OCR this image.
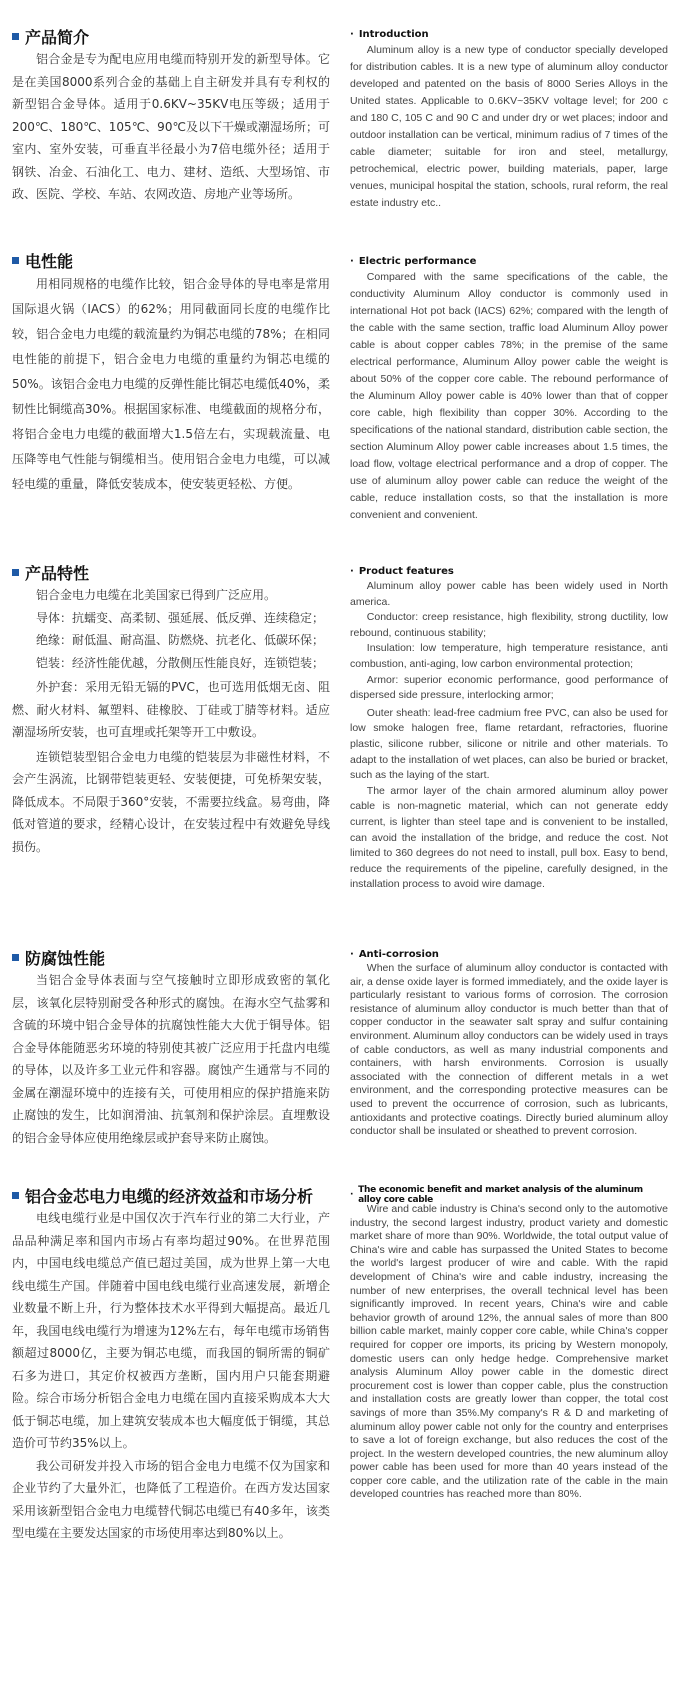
产品简介

铝合金是专为配电应用电缆而特别开发的新型导体。它是在美国8000系列合金的基础上自主研发并具有专利权的新型铝合金导体。适用于0.6KV~35KV电压等级；适用于200℃、180℃、105℃、90℃及以下干燥或潮湿场所；可室内、室外安装，可垂直半径最小为7倍电缆外径；适用于钢铁、冶金、石油化工、电力、建材、造纸、大型场馆、市政、医院、学校、车站、农网改造、房地产业等场所。

· Introduction

Aluminum alloy is a new type of conductor specially developed for distribution cables. It is a new type of aluminum alloy conductor developed and patented on the basis of 8000 Series Alloys in the United states. Applicable to 0.6KV~35KV voltage level; for 200 c and 180 C, 105 C and 90 C and under dry or wet places; indoor and outdoor installation can be vertical, minimum radius of 7 times of the cable diameter; suitable for iron and steel, metallurgy, petrochemical, electric power, building materials, paper, large venues, municipal hospital the station, schools, rural reform, the real estate industry etc..

电性能

用相同规格的电缆作比较，铝合金导体的导电率是常用国际退火锅（IACS）的62%；用同截面同长度的电缆作比较，铝合金电力电缆的载流量约为铜芯电缆的78%；在相同电性能的前提下，铝合金电力电缆的重量约为铜芯电缆的50%。该铝合金电力电缆的反弹性能比铜芯电缆低40%，柔韧性比铜缆高30%。根据国家标准、电缆截面的规格分布，将铝合金电力电缆的截面增大1.5倍左右，实现载流量、电压降等电气性能与铜缆相当。使用铝合金电力电缆，可以减轻电缆的重量，降低安装成本，使安装更轻松、方便。

· Electric performance

Compared with the same specifications of the cable, the conductivity Aluminum Alloy conductor is commonly used in international Hot pot back (IACS) 62%; compared with the length of the cable with the same section, traffic load Aluminum Alloy power cable is about copper cables 78%; in the premise of the same electrical performance, Aluminum Alloy power cable the weight is about 50% of the copper core cable. The rebound performance of the Aluminum Alloy power cable is 40% lower than that of copper core cable, high flexibility than copper 30%. According to the specifications of the national standard, distribution cable section, the section Aluminum Alloy power cable increases about 1.5 times, the load flow, voltage electrical performance and a drop of copper. The use of aluminum alloy power cable can reduce the weight of the cable, reduce installation costs, so that the installation is more convenient and convenient.

产品特性

铝合金电力电缆在北美国家已得到广泛应用。

导体：抗蠕变、高柔韧、强延展、低反弹、连续稳定；

绝缘：耐低温、耐高温、防燃烧、抗老化、低碳环保；

铠装：经济性能优越，分散侧压性能良好，连锁铠装；

外护套：采用无铅无镉的PVC，也可选用低烟无卤、阻燃、耐火材料、氟塑料、硅橡胶、丁硅或丁腈等材料。适应潮湿场所安装，也可直埋或托架等开工中敷设。

连锁铠装型铝合金电力电缆的铠装层为非磁性材料，不会产生涡流，比钢带铠装更轻、安装便捷，可免桥架安装，降低成本。不局限于360°安装，不需要拉线盒。易弯曲，降低对管道的要求，经精心设计，在安装过程中有效避免导线损伤。

· Product features

Aluminum alloy power cable has been widely used in North america.

Conductor: creep resistance, high flexibility, strong ductility, low rebound, continuous stability;

Insulation: low temperature, high temperature resistance, anti combustion, anti-aging, low carbon environmental protection;

Armor: superior economic performance, good performance of dispersed side pressure, interlocking armor;

Outer sheath: lead-free cadmium free PVC, can also be used for low smoke halogen free, flame retardant, refractories, fluorine plastic, silicone rubber, silicone or nitrile and other materials. To adapt to the installation of wet places, can also be buried or bracket, such as the laying of the start.

The armor layer of the chain armored aluminum alloy power cable is non-magnetic material, which can not generate eddy current, is lighter than steel tape and is convenient to be installed, can avoid the installation of the bridge, and reduce the cost. Not limited to 360 degrees do not need to install, pull box. Easy to bend, reduce the requirements of the pipeline, carefully designed, in the installation process to avoid wire damage.

防腐蚀性能

当铝合金导体表面与空气接触时立即形成致密的氧化层，该氧化层特别耐受各种形式的腐蚀。在海水空气盐雾和含硫的环境中铝合金导体的抗腐蚀性能大大优于铜导体。铝合金导体能随恶劣环境的特别使其被广泛应用于托盘内电缆的导体，以及许多工业元件和容器。腐蚀产生通常与不同的金属在潮湿环境中的连接有关，可使用相应的保护措施来防止腐蚀的发生，比如润滑油、抗氧剂和保护涂层。直埋敷设的铝合金导体应使用绝缘层或护套导来防止腐蚀。

· Anti-corrosion

When the surface of aluminum alloy conductor is contacted with air, a dense oxide layer is formed immediately, and the oxide layer is particularly resistant to various forms of corrosion. The corrosion resistance of aluminum alloy conductor is much better than that of copper conductor in the seawater salt spray and sulfur containing environment. Aluminum alloy conductors can be widely used in trays of cable conductors, as well as many industrial components and containers, with harsh environments. Corrosion is usually associated with the connection of different metals in a wet environment, and the corresponding protective measures can be used to prevent the occurrence of corrosion, such as lubricants, antioxidants and protective coatings. Directly buried aluminum alloy conductor shall be insulated or sheathed to prevent corrosion.

铝合金芯电力电缆的经济效益和市场分析

电线电缆行业是中国仅次于汽车行业的第二大行业，产品品种满足率和国内市场占有率均超过90%。在世界范围内，中国电线电缆总产值已超过美国，成为世界上第一大电线电缆生产国。伴随着中国电线电缆行业高速发展，新增企业数量不断上升，行为整体技术水平得到大幅提高。最近几年，我国电线电缆行为增速为12%左右，每年电缆市场销售额超过8000亿，主要为铜芯电缆，而我国的铜所需的铜矿石多为进口，其定价权被西方垄断，国内用户只能套期避险。综合市场分析铝合金电力电缆在国内直接采购成本大大低于铜芯电缆，加上建筑安装成本也大幅度低于铜缆，其总造价可节约35%以上。

我公司研发并投入市场的铝合金电力电缆不仅为国家和企业节约了大量外汇，也降低了工程造价。在西方发达国家采用该新型铝合金电力电缆替代铜芯电缆已有40多年，该类型电缆在主要发达国家的市场使用率达到80%以上。

· The economic benefit and market analysis of the aluminum alloy core cable

Wire and cable industry is China's second only to the automotive industry, the second largest industry, product variety and domestic market share of more than 90%. Worldwide, the total output value of China's wire and cable has surpassed the United States to become the world's largest producer of wire and cable. With the rapid development of China's wire and cable industry, increasing the number of new enterprises, the overall technical level has been significantly improved. In recent years, China's wire and cable behavior growth of around 12%, the annual sales of more than 800 billion cable market, mainly copper core cable, while China's copper required for copper ore imports, its pricing by Western monopoly, domestic users can only hedge hedge. Comprehensive market analysis Aluminum Alloy power cable in the domestic direct procurement cost is lower than copper cable, plus the construction and installation costs are greatly lower than copper, the total cost savings of more than 35%.My company's R & D and marketing of aluminum alloy power cable not only for the country and enterprises to save a lot of foreign exchange, but also reduces the cost of the project. In the western developed countries, the new aluminum alloy power cable has been used for more than 40 years instead of the copper core cable, and the utilization rate of the cable in the main developed countries has reached more than 80%.
